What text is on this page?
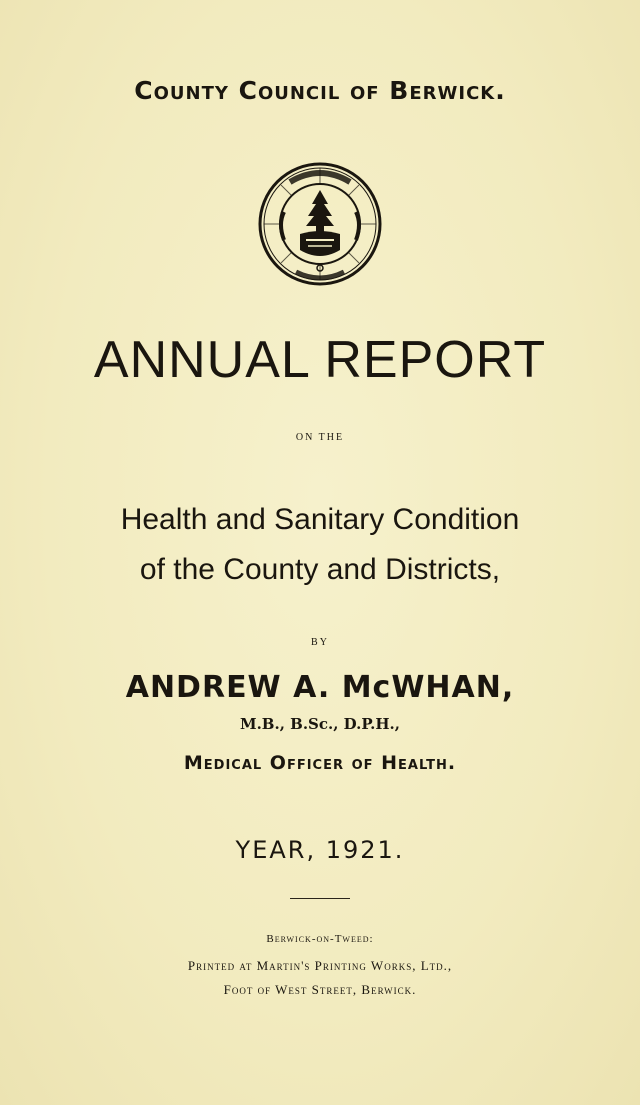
County Council of Berwick.
ANNUAL REPORT
ON THE
Health and Sanitary Condition
of the County and Districts,
BY
ANDREW A. McWHAN,
M.B., B.Sc., D.P.H.,
Medical Officer of Health.
YEAR, 1921.
Berwick-on-Tweed:
Printed at Martin's Printing Works, Ltd.,
Foot of West Street, Berwick.
